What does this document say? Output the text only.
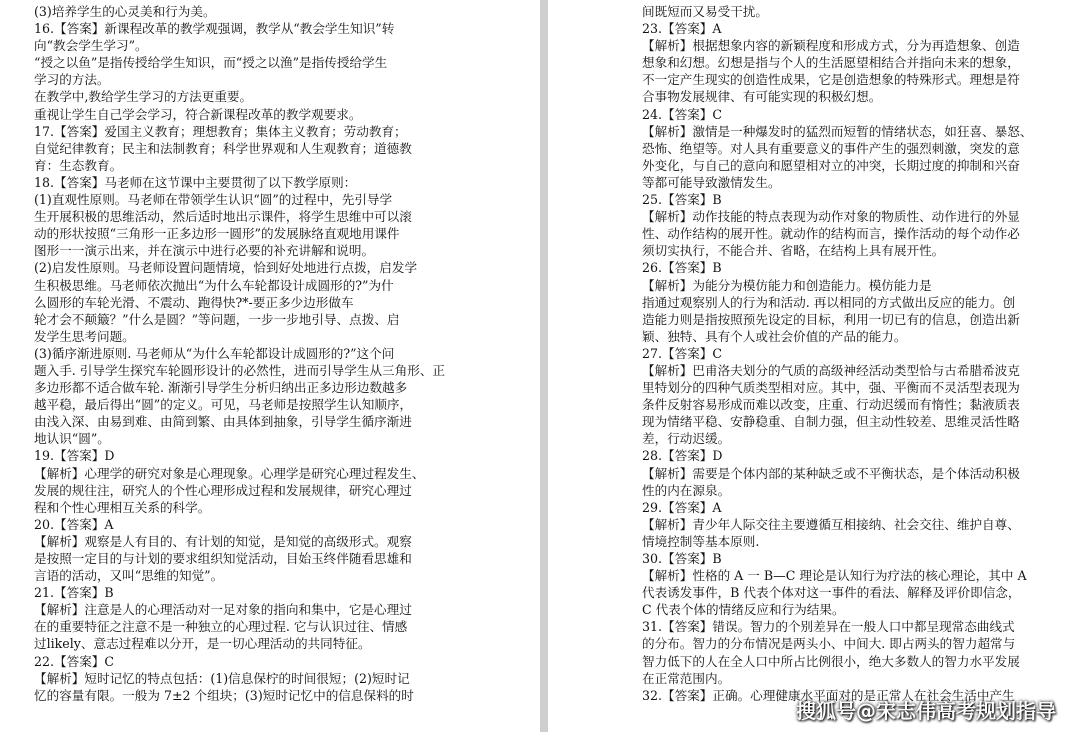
(3)培养学生的心灵美和行为美。
16.【答案】新课程改革的教学观强调，教学从“教会学生知识”转
向“教会学生学习”。
“授之以鱼”是指传授给学生知识，而“授之以渔”是指传授给学生
学习的方法。
在教学中,教给学生学习的方法更重要。
重视让学生自己学会学习，符合新课程改革的教学观要求。
17.【答案】爱国主义教育；理想教育；集体主义教育；劳动教育；
自觉纪律教育；民主和法制教育；科学世界观和人生观教育；道德教
育：生态教育。
18.【答案】马老师在这节课中主要贯彻了以下教学原则：
(1)直观性原则。马老师在带领学生认识“圆”的过程中，先引导学
生开展积极的思维活动，然后适时地出示课件，将学生思维中可以滚
动的形状按照“三角形一正多边形一圆形”的发展脉络直观地用课件
图形一一演示出来，并在演示中进行必要的补充讲解和说明。
(2)启发性原则。马老师设置问题情境，恰到好处地进行点拨，启发学
生积极思维。马老师依次抛出“为什么车轮都设计成圆形的?”为什
么圆形的车轮光滑、不震动、跑得快?*-要正多少边形做车
轮才会不颠簸？”什么是圆？”等问题，一步一步地引导、点拨、启
发学生思考问题。
(3)循序渐进原则. 马老师从“为什么车轮都设计成圆形的?”这个问
题入手. 引导学生探究车轮圆形设计的必然性，进而引导学生从三角形、正
多边形都不适合做车轮. 渐渐引导学生分析归纳出正多边形边数越多
越平稳，最后得出“圆”的定义。可见，马老师是按照学生认知顺序，
由浅入深、由易到难、由简到繁、由具体到抽象，引导学生循序渐进
地认识“圆”。
19.【答案】D
【解析】心理学的研究对象是心理现象。心理学是研究心理过程发生、
发展的规往注，研究人的个性心理形成过程和发展规律，研究心理过
程和个性心理相互关系的科学。
20.【答案】A
【解析】观察是人有目的、有计划的知觉，是知觉的高级形式。观察
是按照一定目的与计划的要求组织知觉活动，目始玉终伴随看思雄和
言语的活动，又叫“思维的知觉”。
21.【答案】B
【解析】注意是人的心理活动对一足对象的指向和集中，它是心理过
在的重要特征之注意不是一种独立的心理过程. 它与认识过往、情感
过likely、意志过程难以分开，是一切心理活动的共同特征。
22.【答案】C
【解析】短时记忆的特点包括：(1)信息保柠的时间很短；(2)短时记
忆的容量有限。一般为 7±2 个组块；(3)短时记忆中的信息保料的时
间既短而又易受干扰。
23.【答案】A
【解析】根据想象内容的新颖程度和形成方式，分为再造想象、创造
想象和幻想。幻想是指与个人的生活愿望相结合并指向未来的想象，
不一定产生现实的创造性成果，它是创造想象的特殊形式。理想是符
合事物发展规律、有可能实现的积极幻想。
24.【答案】C
【解析】激情是一种爆发时的猛烈而短暂的情绪状态，如狂喜、暴怒、
恐怖、绝望等。对人具有重要意义的事件产生的强烈刺激，突发的意
外变化，与自己的意向和愿望相对立的冲突，长期过度的抑制和兴奋
等都可能导致激情发生。
25.【答案】B
【解析】动作技能的特点表现为动作对象的物质性、动作进行的外显
性、动作结构的展开性。就动作的结构而言，操作活动的每个动作必
须切实执行，不能合并、省略，在结构上具有展开性。
26.【答案】B
【解析】为能分为模仿能力和创造能力。模仿能力是
指通过观察别人的行为和活动. 再以相同的方式做出反应的能力。创
造能力则是指按照预先设定的目标，利用一切已有的信息，创造出新
颖、独特、具有个人或社会价值的产品的能力。
27.【答案】C
【解析】巴甫洛夫划分的气质的高级神经活动类型恰与古希腊希波克
里特划分的四种气质类型相对应。其中，强、平衡而不灵活型表现为
条件反射容易形成而难以改变，庄重、行动迟缓而有惰性；黏液质表
现为情绪平稳、安静稳重、自制力强，但主动性较差、思维灵活性略
差，行动迟缓。
28.【答案】D
【解析】需要是个体内部的某种缺乏或不平衡状态，是个体活动积极
性的内在源泉。
29.【答案】A
【解析】青少年人际交往主要遵循互相接纳、社会交往、维护自尊、
情境控制等基本原则.
30.【答案】B
【解析】性格的 A 一 B—C 理论是认知行为疗法的核心理论，其中 A
代表诱发事件，B 代表个体对这一事件的看法、解释及评价即信念，
C 代表个体的情绪反应和行为结果。
31.【答案】错误。智力的个别差异在一般人口中都呈现常态曲线式
的分布。智力的分布情况是两头小、中间大. 即占两头的智力超常与
智力低下的人在全人口中所占比例很小，绝大多数人的智力水平发展
在正常范围内。
32.【答案】正确。心理健康水平面对的是正常人在社会生活中产生
搜狐号@宋志伟高考规划指导
